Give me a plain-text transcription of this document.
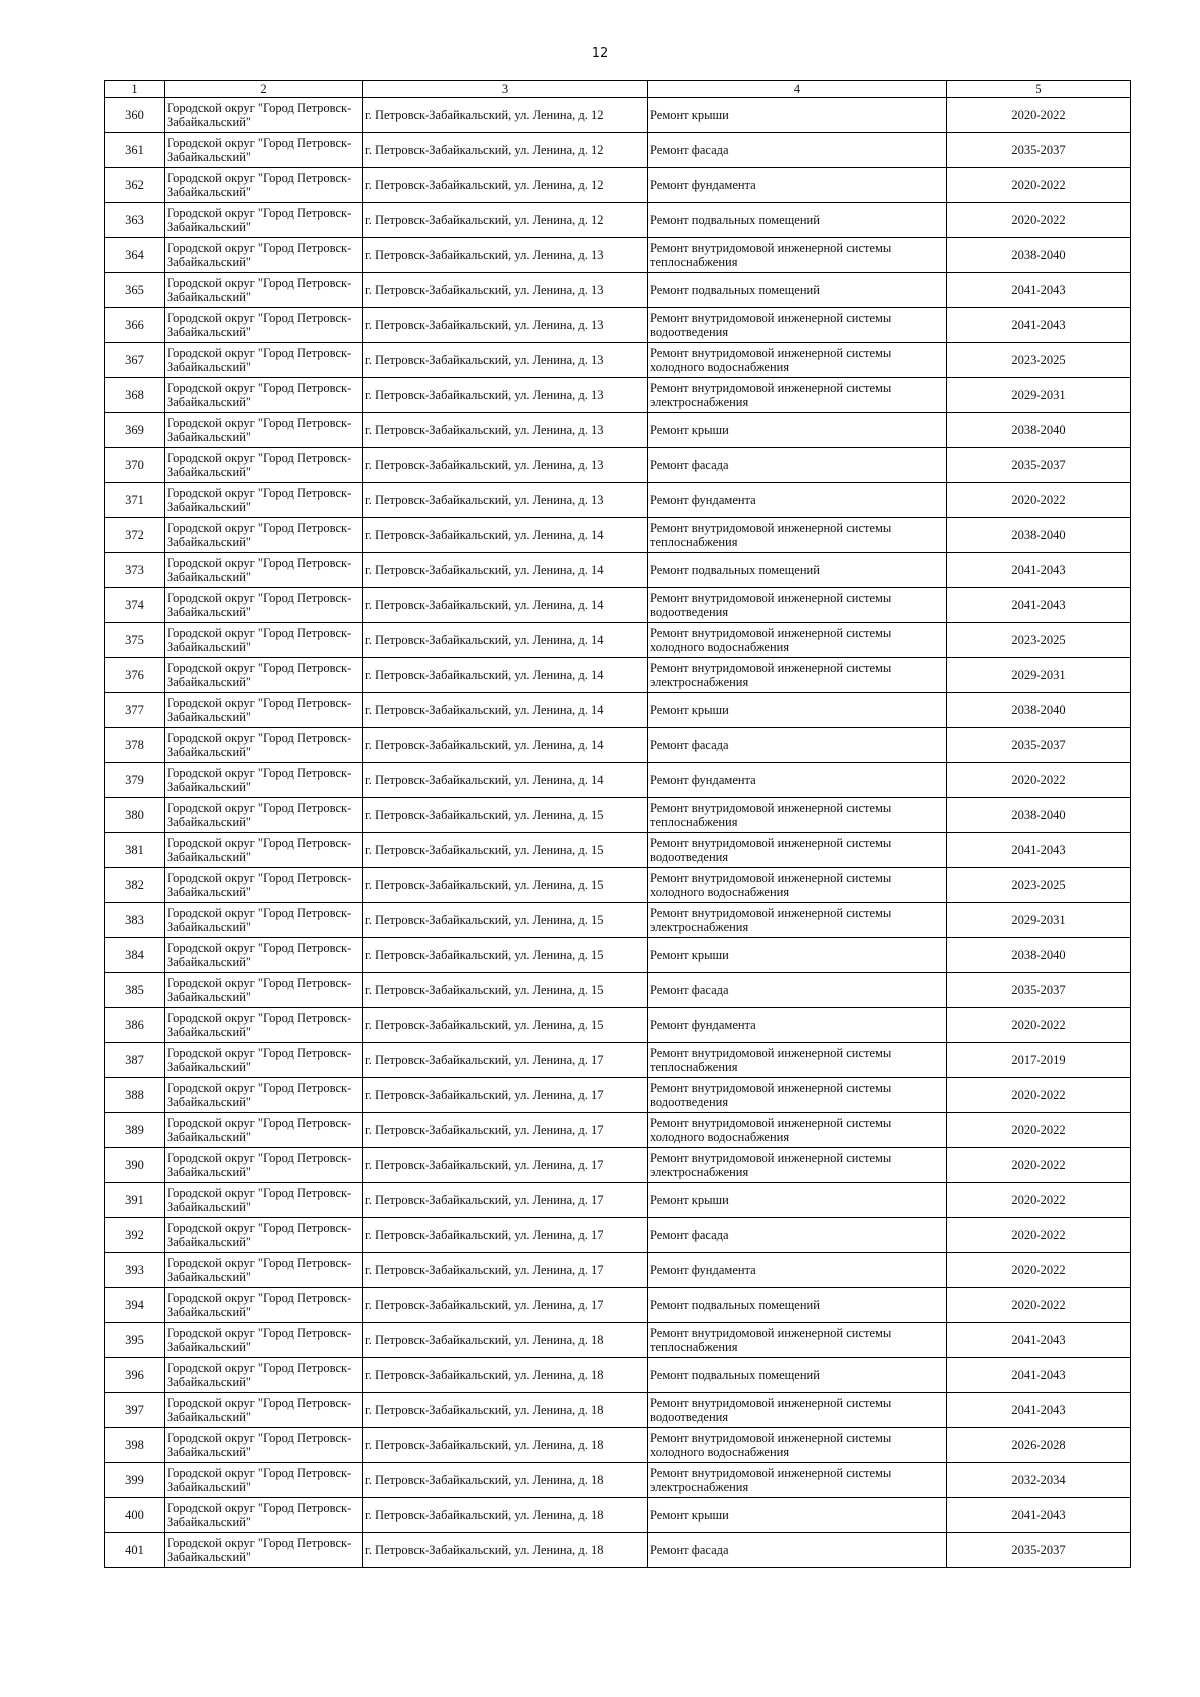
12
1	2	3	4	5
360	Городской округ "Город Петровск-Забайкальский"	г. Петровск-Забайкальский, ул. Ленина, д. 12	Ремонт крыши	2020-2022
361	Городской округ "Город Петровск-Забайкальский"	г. Петровск-Забайкальский, ул. Ленина, д. 12	Ремонт фасада	2035-2037
362	Городской округ "Город Петровск-Забайкальский"	г. Петровск-Забайкальский, ул. Ленина, д. 12	Ремонт фундамента	2020-2022
363	Городской округ "Город Петровск-Забайкальский"	г. Петровск-Забайкальский, ул. Ленина, д. 12	Ремонт подвальных помещений	2020-2022
364	Городской округ "Город Петровск-Забайкальский"	г. Петровск-Забайкальский, ул. Ленина, д. 13	Ремонт внутридомовой инженерной системы теплоснабжения	2038-2040
365	Городской округ "Город Петровск-Забайкальский"	г. Петровск-Забайкальский, ул. Ленина, д. 13	Ремонт подвальных помещений	2041-2043
366	Городской округ "Город Петровск-Забайкальский"	г. Петровск-Забайкальский, ул. Ленина, д. 13	Ремонт внутридомовой инженерной системы водоотведения	2041-2043
367	Городской округ "Город Петровск-Забайкальский"	г. Петровск-Забайкальский, ул. Ленина, д. 13	Ремонт внутридомовой инженерной системы холодного водоснабжения	2023-2025
368	Городской округ "Город Петровск-Забайкальский"	г. Петровск-Забайкальский, ул. Ленина, д. 13	Ремонт внутридомовой инженерной системы электроснабжения	2029-2031
369	Городской округ "Город Петровск-Забайкальский"	г. Петровск-Забайкальский, ул. Ленина, д. 13	Ремонт крыши	2038-2040
370	Городской округ "Город Петровск-Забайкальский"	г. Петровск-Забайкальский, ул. Ленина, д. 13	Ремонт фасада	2035-2037
371	Городской округ "Город Петровск-Забайкальский"	г. Петровск-Забайкальский, ул. Ленина, д. 13	Ремонт фундамента	2020-2022
372	Городской округ "Город Петровск-Забайкальский"	г. Петровск-Забайкальский, ул. Ленина, д. 14	Ремонт внутридомовой инженерной системы теплоснабжения	2038-2040
373	Городской округ "Город Петровск-Забайкальский"	г. Петровск-Забайкальский, ул. Ленина, д. 14	Ремонт подвальных помещений	2041-2043
374	Городской округ "Город Петровск-Забайкальский"	г. Петровск-Забайкальский, ул. Ленина, д. 14	Ремонт внутридомовой инженерной системы водоотведения	2041-2043
375	Городской округ "Город Петровск-Забайкальский"	г. Петровск-Забайкальский, ул. Ленина, д. 14	Ремонт внутридомовой инженерной системы холодного водоснабжения	2023-2025
376	Городской округ "Город Петровск-Забайкальский"	г. Петровск-Забайкальский, ул. Ленина, д. 14	Ремонт внутридомовой инженерной системы электроснабжения	2029-2031
377	Городской округ "Город Петровск-Забайкальский"	г. Петровск-Забайкальский, ул. Ленина, д. 14	Ремонт крыши	2038-2040
378	Городской округ "Город Петровск-Забайкальский"	г. Петровск-Забайкальский, ул. Ленина, д. 14	Ремонт фасада	2035-2037
379	Городской округ "Город Петровск-Забайкальский"	г. Петровск-Забайкальский, ул. Ленина, д. 14	Ремонт фундамента	2020-2022
380	Городской округ "Город Петровск-Забайкальский"	г. Петровск-Забайкальский, ул. Ленина, д. 15	Ремонт внутридомовой инженерной системы теплоснабжения	2038-2040
381	Городской округ "Город Петровск-Забайкальский"	г. Петровск-Забайкальский, ул. Ленина, д. 15	Ремонт внутридомовой инженерной системы водоотведения	2041-2043
382	Городской округ "Город Петровск-Забайкальский"	г. Петровск-Забайкальский, ул. Ленина, д. 15	Ремонт внутридомовой инженерной системы холодного водоснабжения	2023-2025
383	Городской округ "Город Петровск-Забайкальский"	г. Петровск-Забайкальский, ул. Ленина, д. 15	Ремонт внутридомовой инженерной системы электроснабжения	2029-2031
384	Городской округ "Город Петровск-Забайкальский"	г. Петровск-Забайкальский, ул. Ленина, д. 15	Ремонт крыши	2038-2040
385	Городской округ "Город Петровск-Забайкальский"	г. Петровск-Забайкальский, ул. Ленина, д. 15	Ремонт фасада	2035-2037
386	Городской округ "Город Петровск-Забайкальский"	г. Петровск-Забайкальский, ул. Ленина, д. 15	Ремонт фундамента	2020-2022
387	Городской округ "Город Петровск-Забайкальский"	г. Петровск-Забайкальский, ул. Ленина, д. 17	Ремонт внутридомовой инженерной системы теплоснабжения	2017-2019
388	Городской округ "Город Петровск-Забайкальский"	г. Петровск-Забайкальский, ул. Ленина, д. 17	Ремонт внутридомовой инженерной системы водоотведения	2020-2022
389	Городской округ "Город Петровск-Забайкальский"	г. Петровск-Забайкальский, ул. Ленина, д. 17	Ремонт внутридомовой инженерной системы холодного водоснабжения	2020-2022
390	Городской округ "Город Петровск-Забайкальский"	г. Петровск-Забайкальский, ул. Ленина, д. 17	Ремонт внутридомовой инженерной системы электроснабжения	2020-2022
391	Городской округ "Город Петровск-Забайкальский"	г. Петровск-Забайкальский, ул. Ленина, д. 17	Ремонт крыши	2020-2022
392	Городской округ "Город Петровск-Забайкальский"	г. Петровск-Забайкальский, ул. Ленина, д. 17	Ремонт фасада	2020-2022
393	Городской округ "Город Петровск-Забайкальский"	г. Петровск-Забайкальский, ул. Ленина, д. 17	Ремонт фундамента	2020-2022
394	Городской округ "Город Петровск-Забайкальский"	г. Петровск-Забайкальский, ул. Ленина, д. 17	Ремонт подвальных помещений	2020-2022
395	Городской округ "Город Петровск-Забайкальский"	г. Петровск-Забайкальский, ул. Ленина, д. 18	Ремонт внутридомовой инженерной системы теплоснабжения	2041-2043
396	Городской округ "Город Петровск-Забайкальский"	г. Петровск-Забайкальский, ул. Ленина, д. 18	Ремонт подвальных помещений	2041-2043
397	Городской округ "Город Петровск-Забайкальский"	г. Петровск-Забайкальский, ул. Ленина, д. 18	Ремонт внутридомовой инженерной системы водоотведения	2041-2043
398	Городской округ "Город Петровск-Забайкальский"	г. Петровск-Забайкальский, ул. Ленина, д. 18	Ремонт внутридомовой инженерной системы холодного водоснабжения	2026-2028
399	Городской округ "Город Петровск-Забайкальский"	г. Петровск-Забайкальский, ул. Ленина, д. 18	Ремонт внутридомовой инженерной системы электроснабжения	2032-2034
400	Городской округ "Город Петровск-Забайкальский"	г. Петровск-Забайкальский, ул. Ленина, д. 18	Ремонт крыши	2041-2043
401	Городской округ "Город Петровск-Забайкальский"	г. Петровск-Забайкальский, ул. Ленина, д. 18	Ремонт фасада	2035-2037
